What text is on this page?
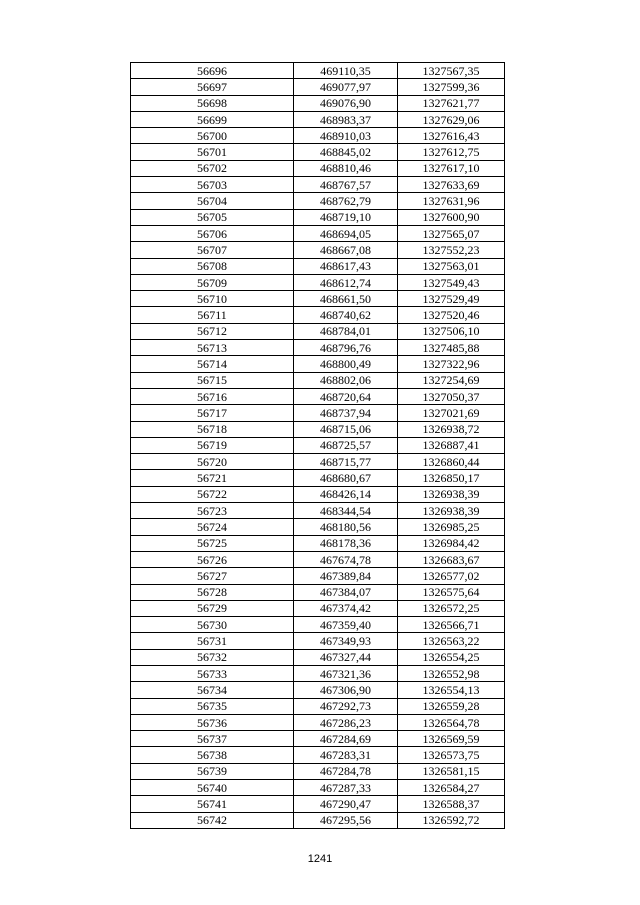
56696	469110,35	1327567,35
56697	469077,97	1327599,36
56698	469076,90	1327621,77
56699	468983,37	1327629,06
56700	468910,03	1327616,43
56701	468845,02	1327612,75
56702	468810,46	1327617,10
56703	468767,57	1327633,69
56704	468762,79	1327631,96
56705	468719,10	1327600,90
56706	468694,05	1327565,07
56707	468667,08	1327552,23
56708	468617,43	1327563,01
56709	468612,74	1327549,43
56710	468661,50	1327529,49
56711	468740,62	1327520,46
56712	468784,01	1327506,10
56713	468796,76	1327485,88
56714	468800,49	1327322,96
56715	468802,06	1327254,69
56716	468720,64	1327050,37
56717	468737,94	1327021,69
56718	468715,06	1326938,72
56719	468725,57	1326887,41
56720	468715,77	1326860,44
56721	468680,67	1326850,17
56722	468426,14	1326938,39
56723	468344,54	1326938,39
56724	468180,56	1326985,25
56725	468178,36	1326984,42
56726	467674,78	1326683,67
56727	467389,84	1326577,02
56728	467384,07	1326575,64
56729	467374,42	1326572,25
56730	467359,40	1326566,71
56731	467349,93	1326563,22
56732	467327,44	1326554,25
56733	467321,36	1326552,98
56734	467306,90	1326554,13
56735	467292,73	1326559,28
56736	467286,23	1326564,78
56737	467284,69	1326569,59
56738	467283,31	1326573,75
56739	467284,78	1326581,15
56740	467287,33	1326584,27
56741	467290,47	1326588,37
56742	467295,56	1326592,72
1241
